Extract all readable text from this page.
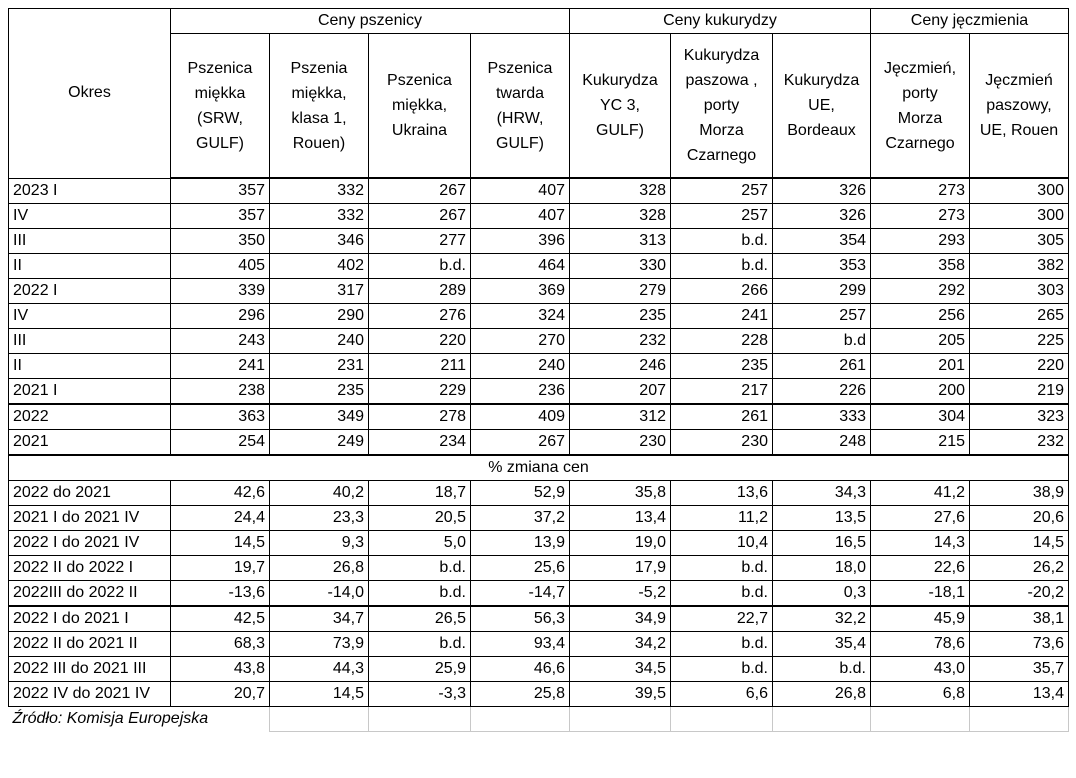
Okres	Ceny pszenicy				Ceny kukurydzy			Ceny jęczmienia	
	Pszenica
miękka
(SRW,
GULF)	Pszenia
miękka,
klasa 1,
Rouen)	Pszenica
miękka,
Ukraina	Pszenica
twarda
(HRW,
GULF)	Kukurydza
YC 3,
GULF)	Kukurydza
paszowa ,
porty
Morza
Czarnego	Kukurydza
UE,
Bordeaux	Jęczmień,
porty
Morza
Czarnego	Jęczmień
paszowy,
UE, Rouen
2023 I	357	332	267	407	328	257	326	273	300
IV	357	332	267	407	328	257	326	273	300
III	350	346	277	396	313	b.d.	354	293	305
II	405	402	b.d.	464	330	b.d.	353	358	382
2022 I	339	317	289	369	279	266	299	292	303
IV	296	290	276	324	235	241	257	256	265
III	243	240	220	270	232	228	b.d	205	225
II	241	231	211	240	246	235	261	201	220
2021 I	238	235	229	236	207	217	226	200	219
2022	363	349	278	409	312	261	333	304	323
2021	254	249	234	267	230	230	248	215	232
% zmiana cen									
2022 do 2021	42,6	40,2	18,7	52,9	35,8	13,6	34,3	41,2	38,9
2021 I do 2021 IV	24,4	23,3	20,5	37,2	13,4	11,2	13,5	27,6	20,6
2022 I do 2021 IV	14,5	9,3	5,0	13,9	19,0	10,4	16,5	14,3	14,5
2022 II do 2022 I	19,7	26,8	b.d.	25,6	17,9	b.d.	18,0	22,6	26,2
2022III do 2022 II	-13,6	-14,0	b.d.	-14,7	-5,2	b.d.	0,3	-18,1	-20,2
2022 I do 2021 I	42,5	34,7	26,5	56,3	34,9	22,7	32,2	45,9	38,1
2022 II do 2021 II	68,3	73,9	b.d.	93,4	34,2	b.d.	35,4	78,6	73,6
2022 III do 2021 III	43,8	44,3	25,9	46,6	34,5	b.d.	b.d.	43,0	35,7
2022 IV do 2021 IV	20,7	14,5	-3,3	25,8	39,5	6,6	26,8	6,8	13,4
Źródło: Komisja Europejska									
